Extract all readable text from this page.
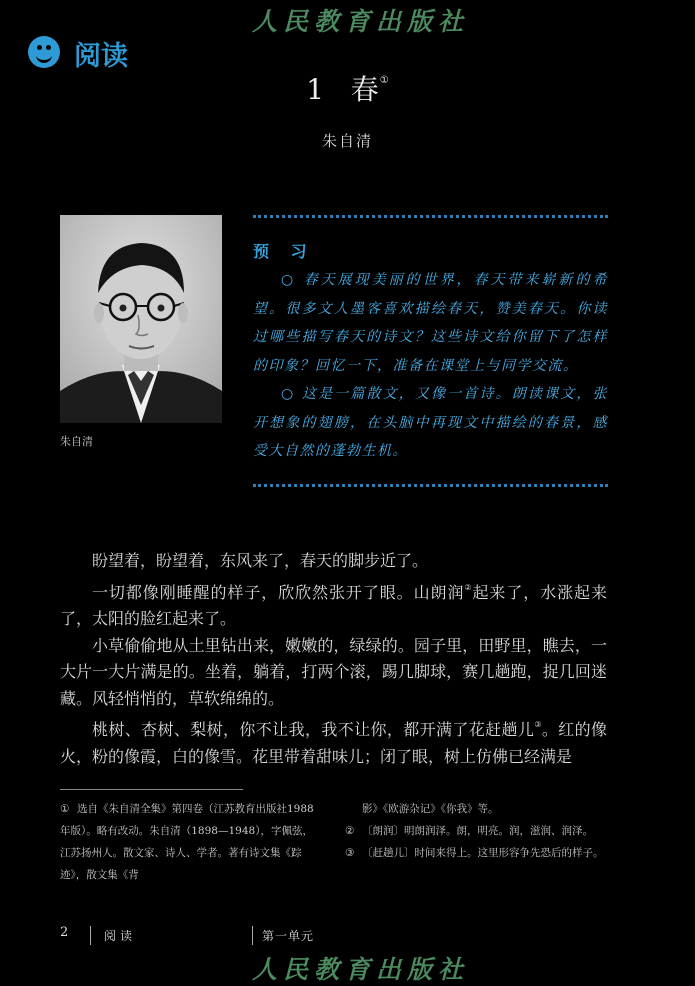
人民教育出版社
阅读
1 春①
朱自清
朱自清
预 习

○ 春天展现美丽的世界，春天带来崭新的希望。很多文人墨客喜欢描绘春天，赞美春天。你读过哪些描写春天的诗文？这些诗文给你留下了怎样的印象？回忆一下，准备在课堂上与同学交流。

○ 这是一篇散文，又像一首诗。朗读课文，张开想象的翅膀，在头脑中再现文中描绘的春景，感受大自然的蓬勃生机。

盼望着，盼望着，东风来了，春天的脚步近了。

一切都像刚睡醒的样子，欣欣然张开了眼。山朗润②起来了，水涨起来了，太阳的脸红起来了。

小草偷偷地从土里钻出来，嫩嫩的，绿绿的。园子里，田野里，瞧去，一大片一大片满是的。坐着，躺着，打两个滚，踢几脚球，赛几趟跑，捉几回迷藏。风轻悄悄的，草软绵绵的。

桃树、杏树、梨树，你不让我，我不让你，都开满了花赶趟儿③。红的像火，粉的像霞，白的像雪。花里带着甜味儿；闭了眼，树上仿佛已经满是

① 选自《朱自清全集》第四卷（江苏教育出版社1988年版）。略有改动。朱自清（1898—1948），字佩弦，江苏扬州人。散文家、诗人、学者。著有诗文集《踪迹》，散文集《背
影》《欧游杂记》《你我》等。
② 〔朗润〕明朗润泽。朗，明亮。润，滋润、润泽。
③ 〔赶趟儿〕时间来得上。这里形容争先恐后的样子。
2	阅读	第一单元
人民教育出版社
